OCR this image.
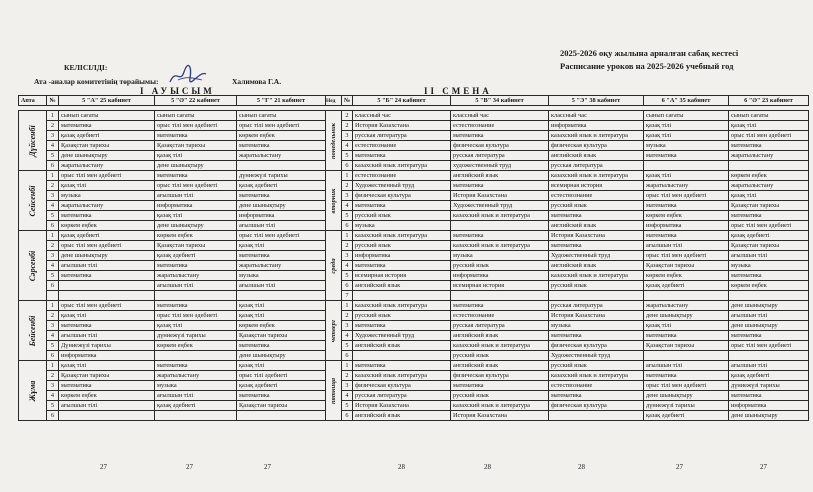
КЕЛІСІЛДІ:
Ата -аналар комитетінің төрайымы:	Халимова Г.А.
2025-2026 оқу жылына арналған сабақ кестесі
Расписание уроков на 2025-2026 учебный год
І АУЫСЫМ	II СМЕНА
Апта	№	5 "А" 25 кабинет	5 "Ә" 22 кабинет	5 "Г" 21 кабинет	Нед	№	5 "Б" 24 кабинет	5 "В" 34 кабинет	5 "Э" 38 кабинет	6 "А" 35 кабинет	6 "Ә" 23 кабинет
Дүйсенбі	1	сынып сағаты	сынып сағаты	сынып сағаты	понедельник	2	классный час	классный час	классный час	сынып сағаты	сынып сағаты
	2	математика	орыс тілі мен әдебиеті	орыс тілі мен әдебиеті		2	История Казахстана	естествознание	информатика	қазақ тілі	қазақ тілі
	3	қазақ әдебиеті	математика	көркем еңбек		3	русская литература	математика	казахский язык и литература	қазақ тілі	орыс тілі мен әдебиеті
	4	Қазақстан тарихы	Қазақстан тарихы	математика		4	естествознание	физическая культура	физическая культура	музыка	математика
	5	дене шынықтыру	қазақ тілі	жаратылыстану		5	математика	русская литература	английский язык	математика	жаратылыстану
	6	жаратылыстану	дене шынықтыру			6	казахский язык литература	художественный труд	русская литература		

Сейсенбі	1	орыс тілі мен әдебиеті	математика	дүниежүзі тарихы	вторник	1	естествознание	английский язык	казахский язык и литература	қазақ тілі	көркем еңбек
	2	қазақ тілі	орыс тілі мен әдебиеті	қазақ әдебиеті		2	Художественный труд	математика	всемирная история	жаратылыстану	жаратылыстану
	3	музыка	ағылшын тілі	математика		3	физическая культура	История Казахстана	естествознание	орыс тілі мен әдебиеті	қазақ тілі
	4	жаратылыстану	информатика	дене шынықтыру		4	математика	Художественный труд	русский язык	математика	Қазақстан тарихы
	5	математика	қазақ тілі	информатика		5	русский язык	казахский язык и литература	математика	көркем еңбек	математика
	6	көркем еңбек	дене шынықтыру	ағылшын тілі		6	музыка		английский язык	информатика	орыс тілі мен әдебиеті

Сәрсенбі	1	қазақ әдебиеті	көркем еңбек	орыс тілі мен әдебиеті	среда	1	казахский язык литература	математика	История Казахстана	математика	қазақ әдебиеті
	2	орыс тілі мен әдебиеті	Қазақстан тарихы	қазақ тілі		2	русский язык	казахский язык и литература	математика	ағылшын тілі	Қазақстан тарихы
	3	дене шынықтыру	қазақ әдебиеті	математика		3	информатика	музыка	Художественный труд	орыс тілі мен әдебиеті	ағылшын тілі
	4	ағылшын тілі	математика	жаратылыстану		4	математика	русский язык	английский язык	Қазақстан тарихы	музыка
	5	математика	жаратылыстану	музыка		5	всемирная история	информатика	казахский язык и литература	көркем еңбек	математика
	6		ағылшын тілі	ағылшын тілі		6	английский язык	всемирная история	русский язык	қазақ әдебиеті	көркем еңбек
						7					

Бейсенбі	1	орыс тілі мен әдебиеті	математика	қазақ тілі	четверг	1	казахский язык литература	математика	русская литература	жаратылыстану	дене шынықтыру
	2	қазақ тілі	орыс тілі мен әдебиеті	қазақ тілі		2	русский язык	естествознание	История Казахстана	дене шынықтыру	ағылшын тілі
	3	математика	қазақ тілі	көркем еңбек		3	математика	русская литература	музыка	қазақ тілі	дене шынықтыру
	4	ағылшын тілі	дүниежүзі тарихы	Қазақстан тарихы		4	Художественный труд	английский язык	математика	математика	математика
	5	Дүниежүзі тарихы	көркем еңбек	математика		5	английский язык	казахский язык и литература	физическая культура	Қазақстан тарихы	орыс тілі мен әдебиеті
	6	информатика		дене шынықтыру		6		русский язык	Художественный труд		

Жұма	1	қазақ тілі	математика	қазақ тілі	пятница	1	математика	английский язык	русский язык	ағылшын тілі	ағылшын тілі
	2	Қазақстан тарихы	жаратылыстану	орыс тілі әдебиеті		2	казахский язык литература	физическая культура	казахский язык и литература	математика	қазақ әдебиеті
	3	математика	музыка	қазақ әдебиеті		3	физическая культура	математика	естествознание	орыс тілі мен әдебиеті	дүниежүзі тарихы
	4	көркем еңбек	ағылшын тілі	математика		4	русская литература	русский язык	математика	дене шынықтыру	математика
	5	ағылшын тілі	қазақ әдебиеті	Қазақстан тарихы		5	История Казахстана	казахский язык и литература	физическая культура	дүниежүзі тарихы	информатика
	6					6	английский язык	История Казахстана		қазақ әдебиеті	дене шынықтыру
27	27	27	28	28	28	27	27
